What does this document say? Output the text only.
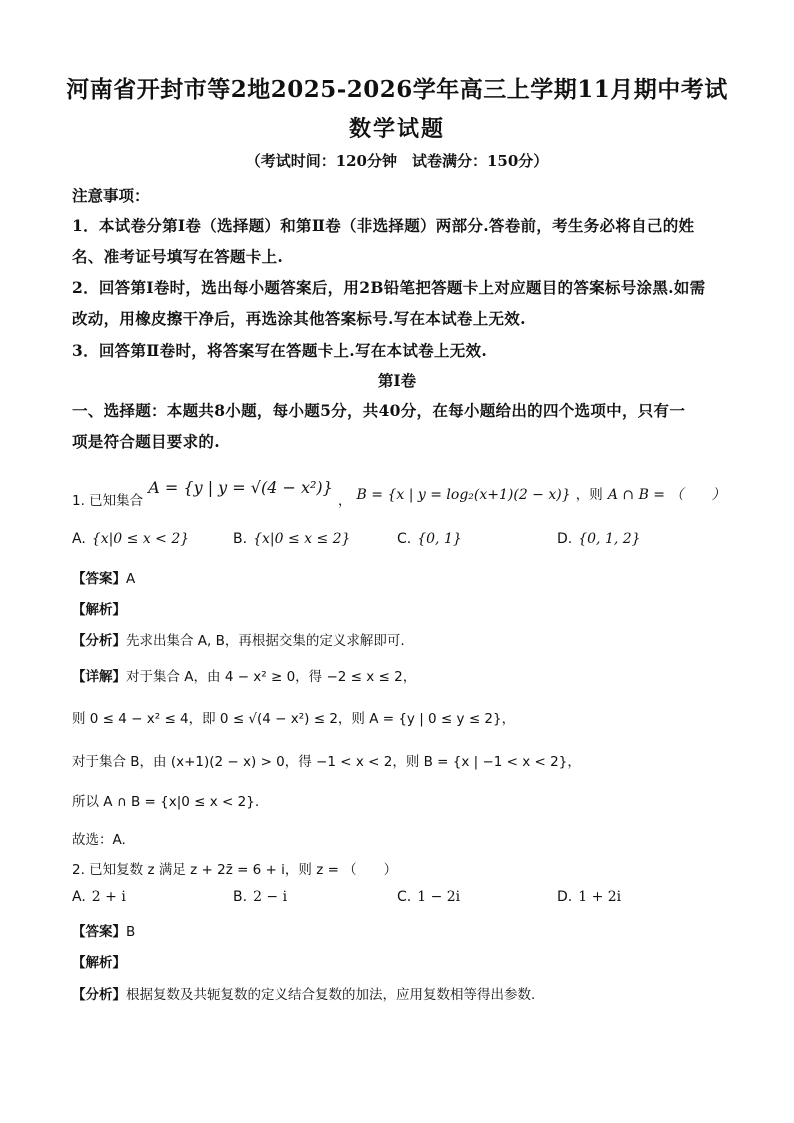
河南省开封市等2地2025-2026学年高三上学期11月期中考试
数学试题
（考试时间：120分钟　试卷满分：150分）
注意事项：
1．本试卷分第Ⅰ卷（选择题）和第Ⅱ卷（非选择题）两部分.答卷前，考生务必将自己的姓
名、准考证号填写在答题卡上.
2．回答第Ⅰ卷时，选出每小题答案后，用2B铅笔把答题卡上对应题目的答案标号涂黑.如需
改动，用橡皮擦干净后，再选涂其他答案标号.写在本试卷上无效.
3．回答第Ⅱ卷时，将答案写在答题卡上.写在本试卷上无效.
第Ⅰ卷
一、选择题：本题共8小题，每小题5分，共40分，在每小题给出的四个选项中，只有一
项是符合题目要求的.
$_{1. 已知集合}$ A = {y | y = √(4 − x²)} $_,$ B = {x | y = log₂(x+1)(2 − x)} ，则 A ∩ B = （　　）
A. {x|0 ≤ x < 2}	B. {x|0 ≤ x ≤ 2}	C. {0, 1}	D. {0, 1, 2}
【答案】A
【解析】
【分析】先求出集合 A, B，再根据交集的定义求解即可.
【详解】对于集合 A，由 4 − x² ≥ 0，得 −2 ≤ x ≤ 2，
则 0 ≤ 4 − x² ≤ 4，即 0 ≤ √(4 − x²) ≤ 2，则 A = {y | 0 ≤ y ≤ 2}，
对于集合 B，由 (x+1)(2 − x) > 0，得 −1 < x < 2，则 B = {x | −1 < x < 2}，
所以 A ∩ B = {x|0 ≤ x < 2}.
故选：A.
2. 已知复数 z 满足 z + 2z̄ = 6 + i，则 z = （　　）
A. 2 + i	B. 2 − i	C. 1 − 2i	D. 1 + 2i
【答案】B
【解析】
【分析】根据复数及共轭复数的定义结合复数的加法，应用复数相等得出参数.
